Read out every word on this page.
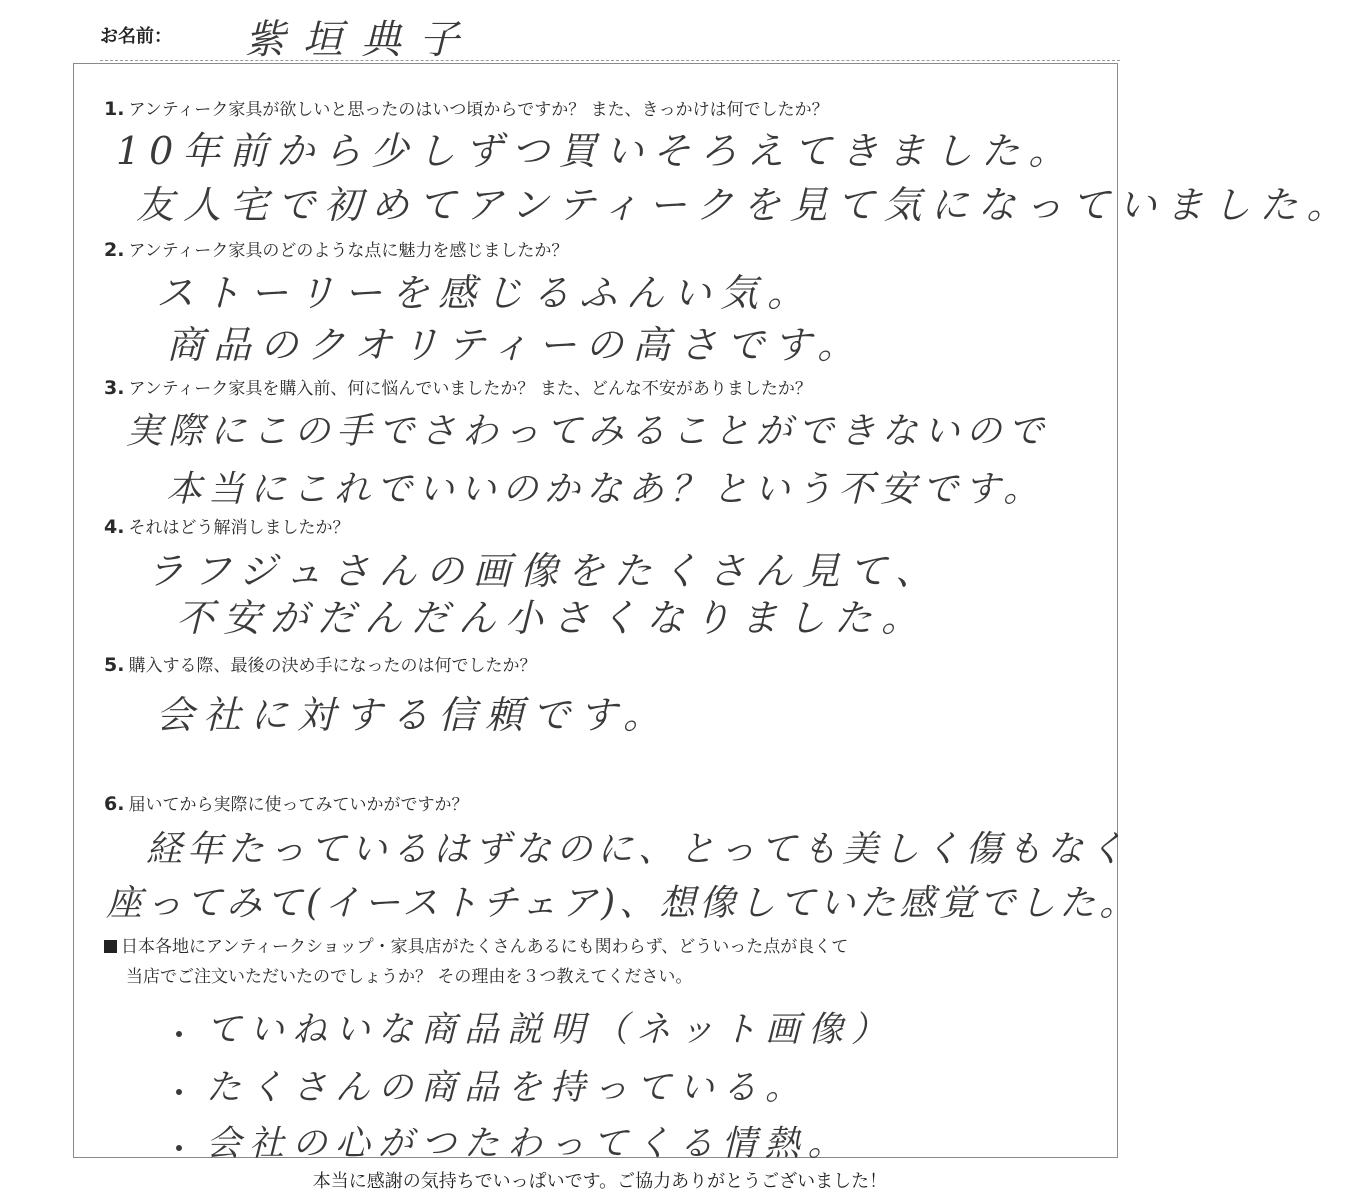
お名前： 紫垣典子
1. アンティーク家具が欲しいと思ったのはいつ頃からですか？ また、きっかけは何でしたか？
10年前から少しずつ買いそろえてきました。
友人宅で初めてアンティークを見て気になっていました。
2. アンティーク家具のどのような点に魅力を感じましたか？
ストーリーを感じるふんい気。
商品のクオリティーの高さです。
3. アンティーク家具を購入前、何に悩んでいましたか？ また、どんな不安がありましたか？
実際にこの手でさわってみることができないので
本当にこれでいいのかなあ？という不安です。
4. それはどう解消しましたか？
ラフジュさんの画像をたくさん見て、
不安がだんだん小さくなりました。
5. 購入する際、最後の決め手になったのは何でしたか？
会社に対する信頼です。
6. 届いてから実際に使ってみていかがですか？
経年たっているはずなのに、とっても美しく傷もなく
座ってみて(イーストチェア)、想像していた感覚でした。
日本各地にアンティークショップ・家具店がたくさんあるにも関わらず、どういった点が良くて
当店でご注文いただいたのでしょうか？ その理由を３つ教えてください。
ていねいな商品説明（ネット画像）
たくさんの商品を持っている。
会社の心がつたわってくる情熱。
本当に感謝の気持ちでいっぱいです。ご協力ありがとうございました！
